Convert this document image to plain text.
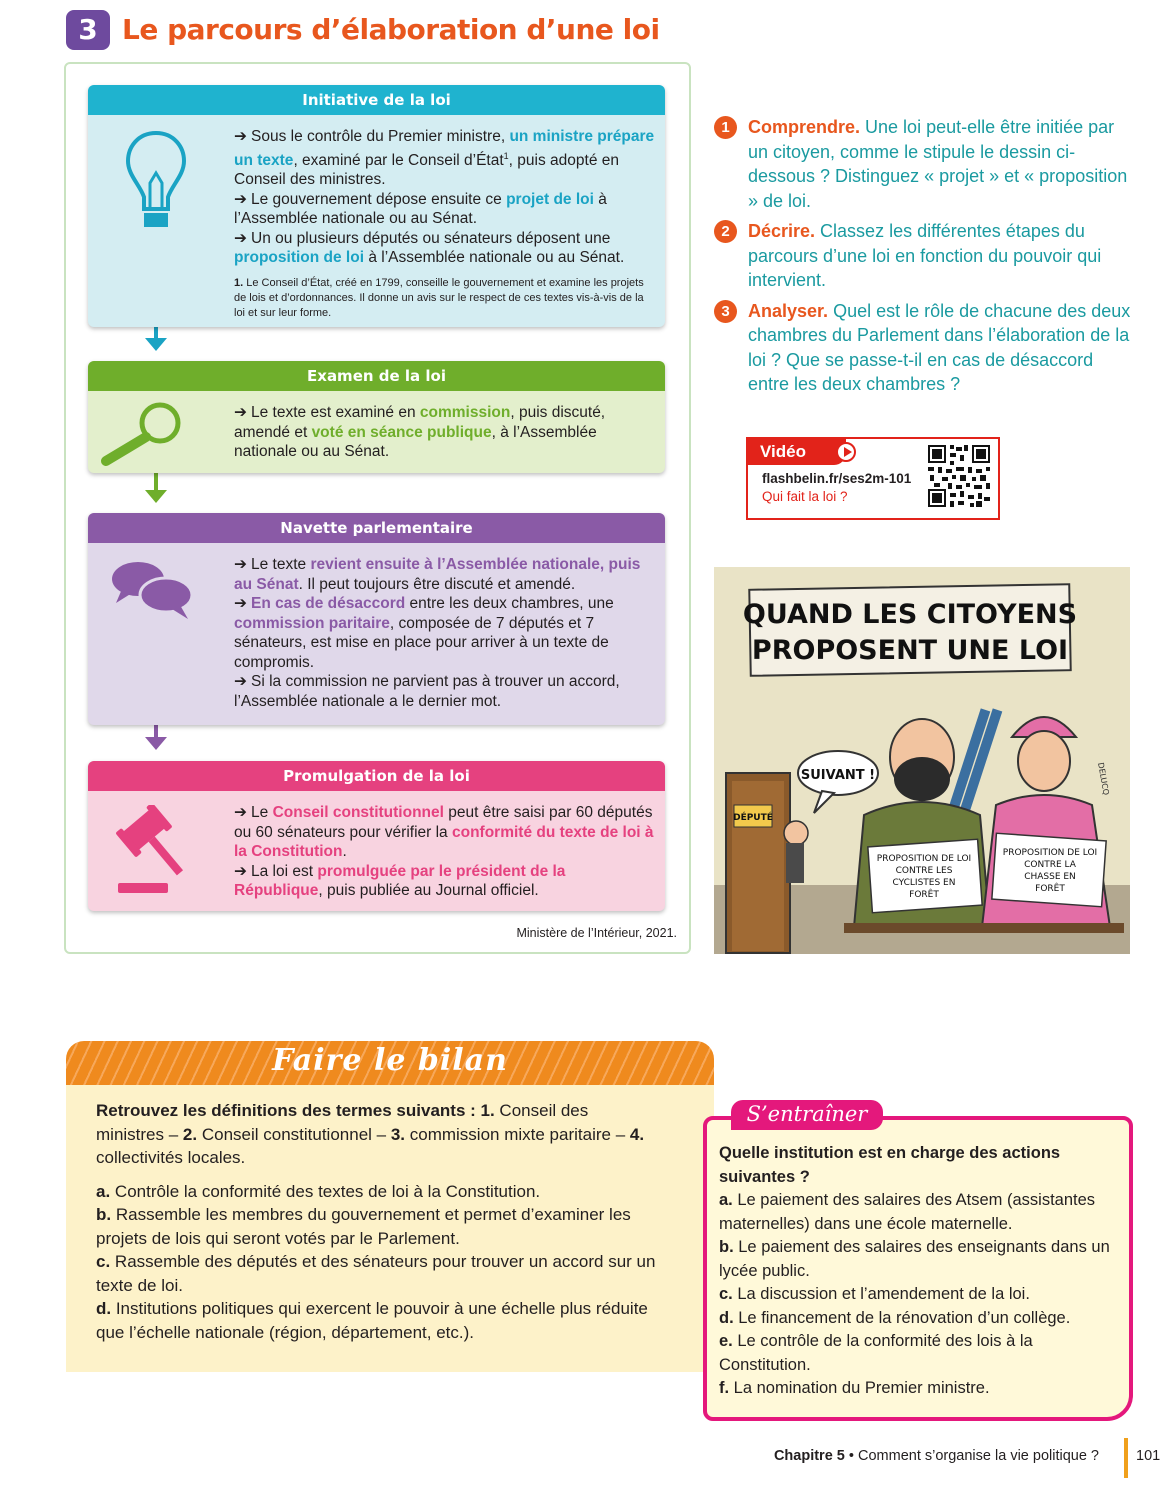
3 Le parcours d’élaboration d’une loi
Initiative de la loi

➔ Sous le contrôle du Premier ministre, un ministre prépare un texte, examiné par le Conseil d’État$^1$, puis adopté en Conseil des ministres.

➔ Le gouvernement dépose ensuite ce projet de loi à l’Assemblée nationale ou au Sénat.

➔ Un ou plusieurs députés ou sénateurs déposent une proposition de loi à l’Assemblée nationale ou au Sénat.

1. Le Conseil d’État, créé en 1799, conseille le gouvernement et examine les projets de lois et d’ordonnances. Il donne un avis sur le respect de ces textes vis-à-vis de la loi et sur leur forme.

Examen de la loi

➔ Le texte est examiné en commission, puis discuté, amendé et voté en séance publique, à l’Assemblée nationale ou au Sénat.

Navette parlementaire

➔ Le texte revient ensuite à l’Assemblée nationale, puis au Sénat. Il peut toujours être discuté et amendé.

➔ En cas de désaccord entre les deux chambres, une commission paritaire, composée de 7 députés et 7 sénateurs, est mise en place pour arriver à un texte de compromis.

➔ Si la commission ne parvient pas à trouver un accord, l’Assemblée nationale a le dernier mot.

Promulgation de la loi

➔ Le Conseil constitutionnel peut être saisi par 60 députés ou 60 sénateurs pour vérifier la conformité du texte de loi à la Constitution.

➔ La loi est promulguée par le président de la République, puis publiée au Journal officiel.

Ministère de l’Intérieur, 2021.
1	Comprendre. Une loi peut-elle être initiée par un citoyen, comme le stipule le dessin ci-dessous ? Distinguez « projet » et « proposition » de loi.
2	Décrire. Classez les différentes étapes du parcours d’une loi en fonction du pouvoir qui intervient.
3	Analyser. Quel est le rôle de chacune des deux chambres du Parlement dans l’élaboration de la loi ? Que se passe-t-il en cas de désaccord entre les deux chambres ?
Vidéo
flashbelin.fr/ses2m-101
Qui fait la loi ?
QUAND LES CITOYENS
PROPOSENT UNE LOI
DÉPUTÉ
SUIVANT !
PROPOSITION DE LOI
CONTRE LES
CYCLISTES EN
FORÊT
PROPOSITION DE LOI
CONTRE LA
CHASSE EN
FORÊT
DELUCQ
Faire le bilan

Retrouvez les définitions des termes suivants : 1. Conseil des ministres – 2. Conseil constitutionnel – 3. commission mixte paritaire – 4. collectivités locales.

a. Contrôle la conformité des textes de loi à la Constitution.

b. Rassemble les membres du gouvernement et permet d’examiner les projets de lois qui seront votés par le Parlement.

c. Rassemble des députés et des sénateurs pour trouver un accord sur un texte de loi.

d. Institutions politiques qui exercent le pouvoir à une échelle plus réduite que l’échelle nationale (région, département, etc.).

Quelle institution est en charge des actions suivantes ?

a. Le paiement des salaires des Atsem (assistantes maternelles) dans une école maternelle.

b. Le paiement des salaires des enseignants dans un lycée public.

c. La discussion et l’amendement de la loi.

d. Le financement de la rénovation d’un collège.

e. Le contrôle de la conformité des lois à la Constitution.

f. La nomination du Premier ministre.

S’entraîner
Chapitre 5 • Comment s’organise la vie politique ?	101
